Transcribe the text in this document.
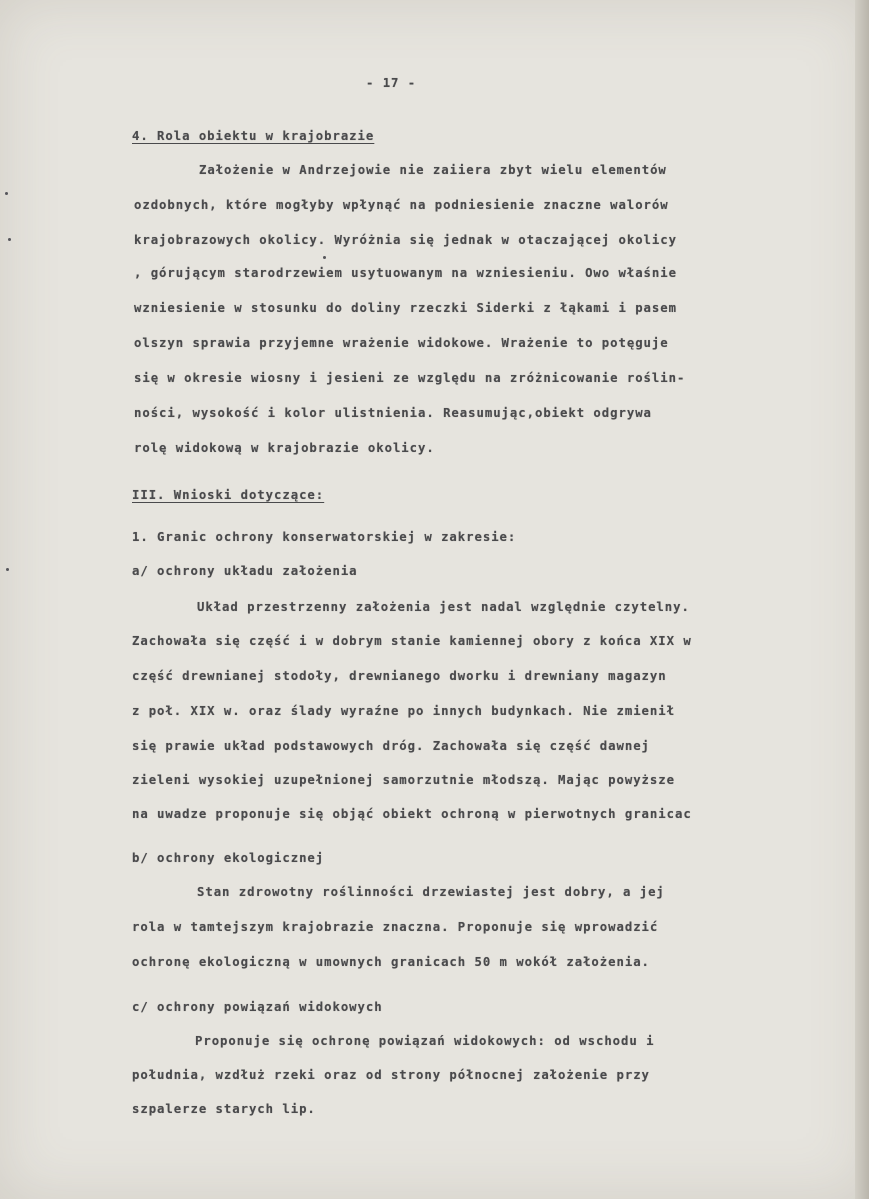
- 17 -
4. Rola obiektu w krajobrazie
Założenie w Andrzejowie nie zaiiera zbyt wielu elementów
ozdobnych, które mogłyby wpłynąć na podniesienie znaczne walorów
krajobrazowych okolicy. Wyróżnia się jednak w otaczającej okolicy
, górującym starodrzewiem usytuowanym na wzniesieniu. Owo właśnie
wzniesienie w stosunku do doliny rzeczki Siderki z łąkami i pasem
olszyn sprawia przyjemne wrażenie widokowe. Wrażenie to potęguje
się w okresie wiosny i jesieni ze względu na zróżnicowanie roślin-
ności, wysokość i kolor ulistnienia. Reasumując,obiekt odgrywa
rolę widokową w krajobrazie okolicy.
III. Wnioski dotyczące:
1. Granic ochrony konserwatorskiej w zakresie:
a/ ochrony układu założenia
Układ przestrzenny założenia jest nadal względnie czytelny.
Zachowała się część i w dobrym stanie kamiennej obory z końca XIX w
część drewnianej stodoły, drewnianego dworku i drewniany magazyn
z poł. XIX w. oraz ślady wyraźne po innych budynkach. Nie zmienił
się prawie układ podstawowych dróg. Zachowała się część dawnej
zieleni wysokiej uzupełnionej samorzutnie młodszą. Mając powyższe
na uwadze proponuje się objąć obiekt ochroną w pierwotnych granicac
b/ ochrony ekologicznej
Stan zdrowotny roślinności drzewiastej jest dobry, a jej
rola w tamtejszym krajobrazie znaczna. Proponuje się wprowadzić
ochronę ekologiczną w umownych granicach 50 m wokół założenia.
c/ ochrony powiązań widokowych
Proponuje się ochronę powiązań widokowych: od wschodu i
południa, wzdłuż rzeki oraz od strony północnej założenie przy
szpalerze starych lip.
